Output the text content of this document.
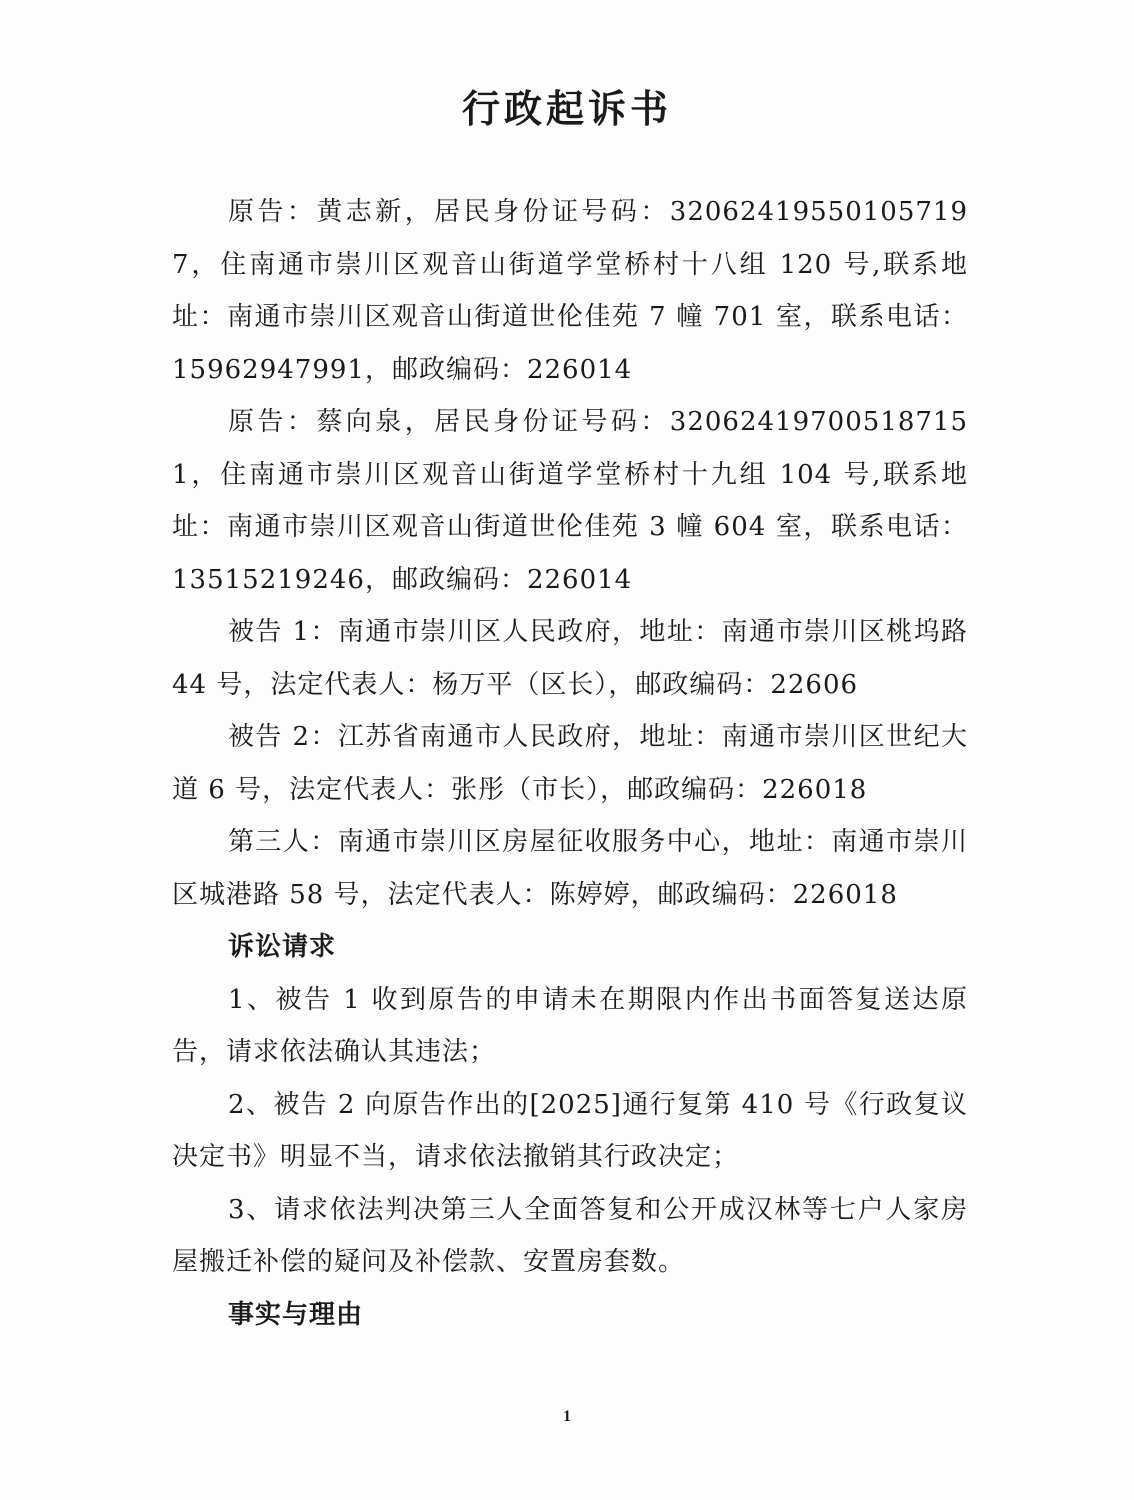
行政起诉书

原告：黄志新，居民身份证号码：320624195501057197，住南通市崇川区观音山街道学堂桥村十八组 120 号,联系地址：南通市崇川区观音山街道世伦佳苑 7 幢 701 室，联系电话：15962947991，邮政编码：226014

原告：蔡向泉，居民身份证号码：320624197005187151，住南通市崇川区观音山街道学堂桥村十九组 104 号,联系地址：南通市崇川区观音山街道世伦佳苑 3 幢 604 室，联系电话：13515219246，邮政编码：226014

被告 1：南通市崇川区人民政府，地址：南通市崇川区桃坞路 44 号，法定代表人：杨万平（区长），邮政编码：22606

被告 2：江苏省南通市人民政府，地址：南通市崇川区世纪大道 6 号，法定代表人：张彤（市长），邮政编码：226018

第三人：南通市崇川区房屋征收服务中心，地址：南通市崇川区城港路 58 号，法定代表人：陈婷婷，邮政编码：226018

诉讼请求

1、被告 1 收到原告的申请未在期限内作出书面答复送达原告，请求依法确认其违法；

2、被告 2 向原告作出的[2025]通行复第 410 号《行政复议决定书》明显不当，请求依法撤销其行政决定；

3、请求依法判决第三人全面答复和公开成汉林等七户人家房屋搬迁补偿的疑问及补偿款、安置房套数。

事实与理由

1
